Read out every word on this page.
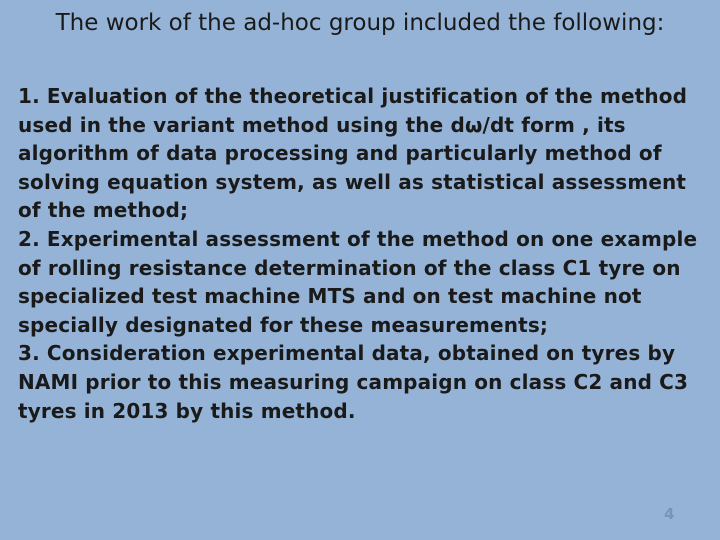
The work of the ad-hoc group included the following:

1. Evaluation of the theoretical justification of the method used in the variant method using the dω/dt form , its algorithm of data processing and particularly method of solving equation system, as well as statistical assessment of the method;

2. Experimental assessment of the method on one example of rolling resistance determination of the class C1 tyre on specialized test machine MTS and on test machine not specially designated for these measurements;

3. Consideration experimental data, obtained on tyres by NAMI prior to this measuring campaign on class C2 and C3 tyres in 2013 by this method.

4
